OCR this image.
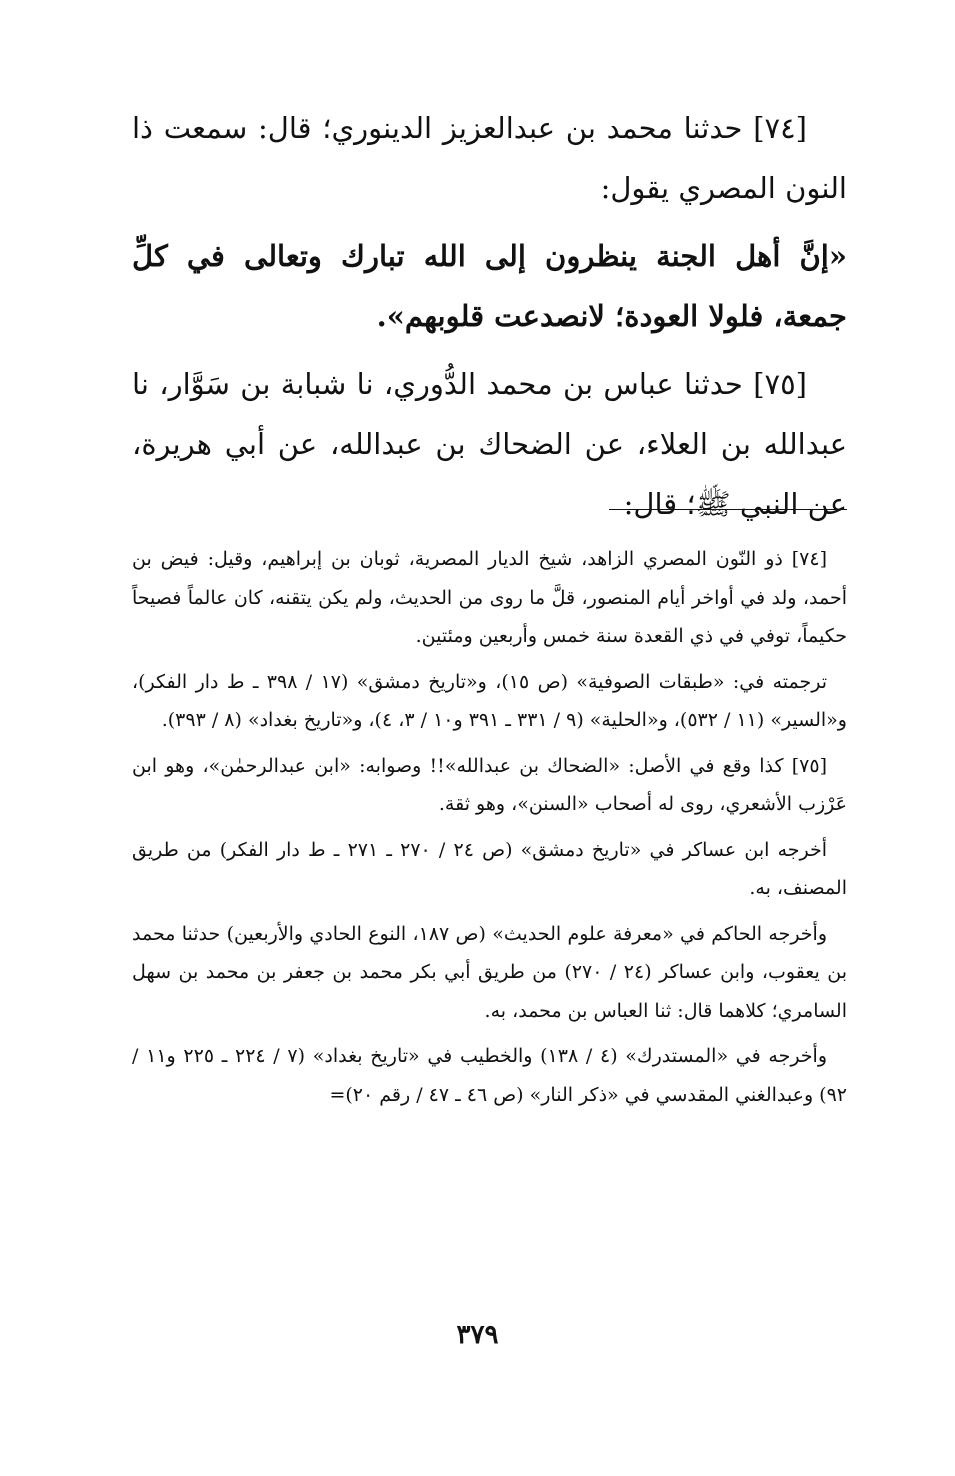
[٧٤] حدثنا محمد بن عبدالعزيز الدينوري؛ قال: سمعت ذا النون المصري يقول:

«إنَّ أهل الجنة ينظرون إلى الله تبارك وتعالى في كلِّ جمعة، فلولا العودة؛ لانصدعت قلوبهم».

[٧٥] حدثنا عباس بن محمد الدُّوري، نا شبابة بن سَوَّار، نا عبدالله بن العلاء، عن الضحاك بن عبدالله، عن أبي هريرة، عن النبي ﷺ؛ قال:

[٧٤] ذو النّون المصري الزاهد، شيخ الديار المصرية، ثوبان بن إبراهيم، وقيل: فيض بن أحمد، ولد في أواخر أيام المنصور، قلَّ ما روى من الحديث، ولم يكن يتقنه، كان عالماً فصيحاً حكيماً، توفي في ذي القعدة سنة خمس وأربعين ومئتين.

ترجمته في: «طبقات الصوفية» (ص ١٥)، و«تاريخ دمشق» (١٧ / ٣٩٨ ـ ط دار الفكر)، و«السير» (١١ / ٥٣٢)، و«الحلية» (٩ / ٣٣١ ـ ٣٩١ و١٠ / ٣، ٤)، و«تاريخ بغداد» (٨ / ٣٩٣).

[٧٥] كذا وقع في الأصل: «الضحاك بن عبدالله»!! وصوابه: «ابن عبدالرحمٰن»، وهو ابن عَرْزب الأشعري، روى له أصحاب «السنن»، وهو ثقة.

أخرجه ابن عساكر في «تاريخ دمشق» (ص ٢٤ / ٢٧٠ ـ ٢٧١ ـ ط دار الفكر) من طريق المصنف، به.

وأخرجه الحاكم في «معرفة علوم الحديث» (ص ١٨٧، النوع الحادي والأربعين) حدثنا محمد بن يعقوب، وابن عساكر (٢٤ / ٢٧٠) من طريق أبي بكر محمد بن جعفر بن محمد بن سهل السامري؛ كلاهما قال: ثنا العباس بن محمد، به.

وأخرجه في «المستدرك» (٤ / ١٣٨) والخطيب في «تاريخ بغداد» (٧ / ٢٢٤ ـ ٢٢٥ و١١ / ٩٢) وعبدالغني المقدسي في «ذكر النار» (ص ٤٦ ـ ٤٧ / رقم ٢٠)=

٣٧٩
